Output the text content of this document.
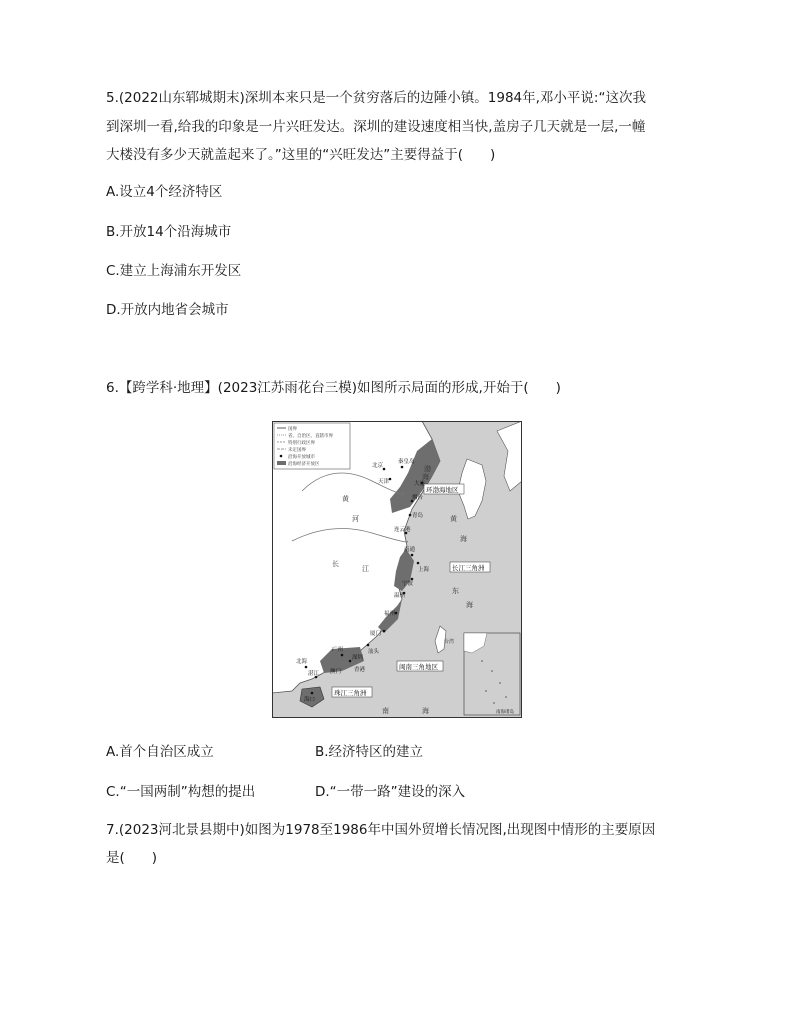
5.(2022山东郓城期末)深圳本来只是一个贫穷落后的边陲小镇。1984年,邓小平说:“这次我
到深圳一看,给我的印象是一片兴旺发达。深圳的建设速度相当快,盖房子几天就是一层,一幢
大楼没有多少天就盖起来了。”这里的“兴旺发达”主要得益于(　　)
A.设立4个经济特区
B.开放14个沿海城市
C.建立上海浦东开发区
D.开放内地省会城市
6.【跨学科·地理】(2023江苏雨花台三模)如图所示局面的形成,开始于(　　)
国界
省、自治区、直辖市界
特别行政区界
未定国界
沿海开放城市
沿海经济开放区
环渤海地区
长江三角洲
闽南三角地区
珠江三角洲
北京
秦皇岛
天津	大连
烟台
青岛
连云港
南通
上海
宁波
温州
福州
厦门
汕头
广州
湛江
北海
深圳
香港
澳门
海口
黄
河
长
江
渤
海
黄
海
东
海
南	海
台湾
南海诸岛
A.首个自治区成立	B.经济特区的建立
C.“一国两制”构想的提出	D.“一带一路”建设的深入
7.(2023河北景县期中)如图为1978至1986年中国外贸增长情况图,出现图中情形的主要原因
是(　　)
